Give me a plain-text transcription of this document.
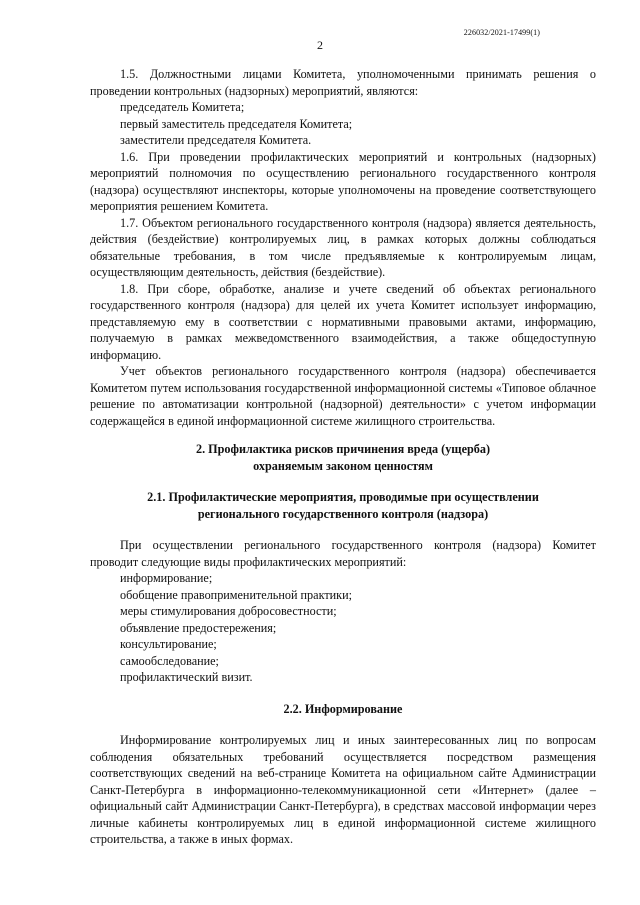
226032/2021-17499(1)
2

1.5. Должностными лицами Комитета, уполномоченными принимать решения о проведении контрольных (надзорных) мероприятий, являются:

председатель Комитета;

первый заместитель председателя Комитета;

заместители председателя Комитета.

1.6. При проведении профилактических мероприятий и контрольных (надзорных) мероприятий полномочия по осуществлению регионального государственного контроля (надзора) осуществляют инспекторы, которые уполномочены на проведение соответствующего мероприятия решением Комитета.

1.7. Объектом регионального государственного контроля (надзора) является деятельность, действия (бездействие) контролируемых лиц, в рамках которых должны соблюдаться обязательные требования, в том числе предъявляемые к контролируемым лицам, осуществляющим деятельность, действия (бездействие).

1.8. При сборе, обработке, анализе и учете сведений об объектах регионального государственного контроля (надзора) для целей их учета Комитет использует информацию, представляемую ему в соответствии с нормативными правовыми актами, информацию, получаемую в рамках межведомственного взаимодействия, а также общедоступную информацию.

Учет объектов регионального государственного контроля (надзора) обеспечивается Комитетом путем использования государственной информационной системы «Типовое облачное решение по автоматизации контрольной (надзорной) деятельности» с учетом информации содержащейся в единой информационной системе жилищного строительства.

2. Профилактика рисков причинения вреда (ущерба)

охраняемым законом ценностям

2.1. Профилактические мероприятия, проводимые при осуществлении

регионального государственного контроля (надзора)

При осуществлении регионального государственного контроля (надзора) Комитет проводит следующие виды профилактических мероприятий:

информирование;

обобщение правоприменительной практики;

меры стимулирования добросовестности;

объявление предостережения;

консультирование;

самообследование;

профилактический визит.

2.2. Информирование

Информирование контролируемых лиц и иных заинтересованных лиц по вопросам соблюдения обязательных требований осуществляется посредством размещения соответствующих сведений на веб-странице Комитета на официальном сайте Администрации Санкт-Петербурга в информационно-телекоммуникационной сети «Интернет» (далее – официальный сайт Администрации Санкт-Петербурга), в средствах массовой информации через личные кабинеты контролируемых лиц в единой информационной системе жилищного строительства, а также в иных формах.
